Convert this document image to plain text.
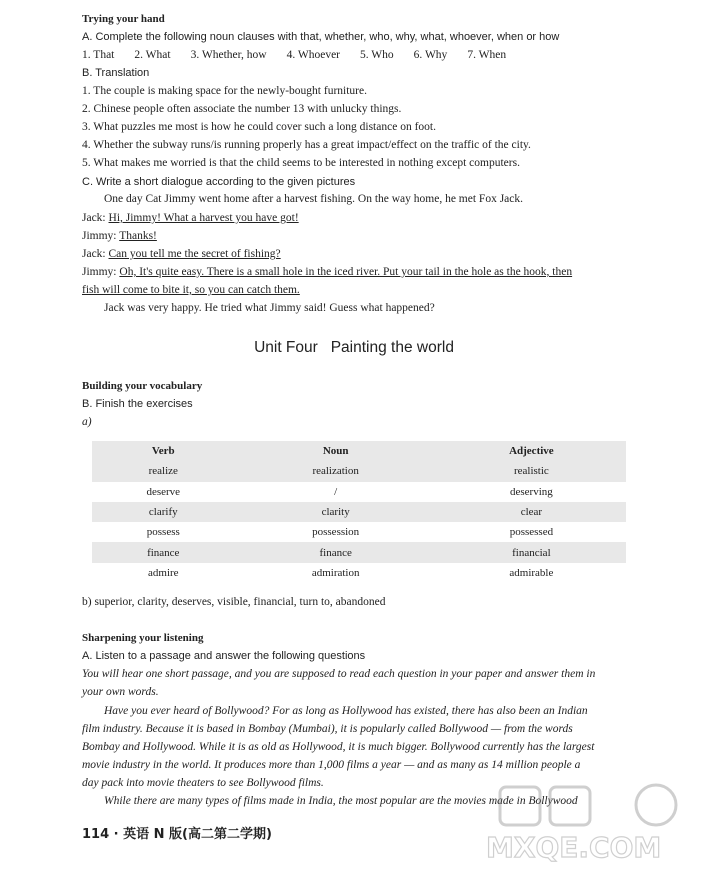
Trying your hand
A. Complete the following noun clauses with that, whether, who, why, what, whoever, when or how
1. That 2. What 3. Whether, how 4. Whoever 5. Who 6. Why 7. When
B. Translation
1. The couple is making space for the newly-bought furniture.
2. Chinese people often associate the number 13 with unlucky things.
3. What puzzles me most is how he could cover such a long distance on foot.
4. Whether the subway runs/is running properly has a great impact/effect on the traffic of the city.
5. What makes me worried is that the child seems to be interested in nothing except computers.
C. Write a short dialogue according to the given pictures
One day Cat Jimmy went home after a harvest fishing. On the way home, he met Fox Jack.
Jack: Hi, Jimmy! What a harvest you have got!
Jimmy: Thanks!
Jack: Can you tell me the secret of fishing?
Jimmy: Oh, It's quite easy. There is a small hole in the iced river. Put your tail in the hole as the hook, then
fish will come to bite it, so you can catch them.
Jack was very happy. He tried what Jimmy said! Guess what happened?
Unit Four   Painting the world
Building your vocabulary
B. Finish the exercises
a)
Verb	Noun	Adjective
realize	realization	realistic
deserve	/	deserving
clarify	clarity	clear
possess	possession	possessed
finance	finance	financial
admire	admiration	admirable
b) superior, clarity, deserves, visible, financial, turn to, abandoned
Sharpening your listening
A. Listen to a passage and answer the following questions
You will hear one short passage, and you are supposed to read each question in your paper and answer them in
your own words.
Have you ever heard of Bollywood? For as long as Hollywood has existed, there has also been an Indian
film industry. Because it is based in Bombay (Mumbai), it is popularly called Bollywood — from the words
Bombay and Hollywood. While it is as old as Hollywood, it is much bigger. Bollywood currently has the largest
movie industry in the world. It produces more than 1,000 films a year — and as many as 14 million people a
day pack into movie theaters to see Bollywood films.
While there are many types of films made in India, the most popular are the movies made in Bollywood
114 · 英语 N 版(高二第二学期)	MXQE.COM
